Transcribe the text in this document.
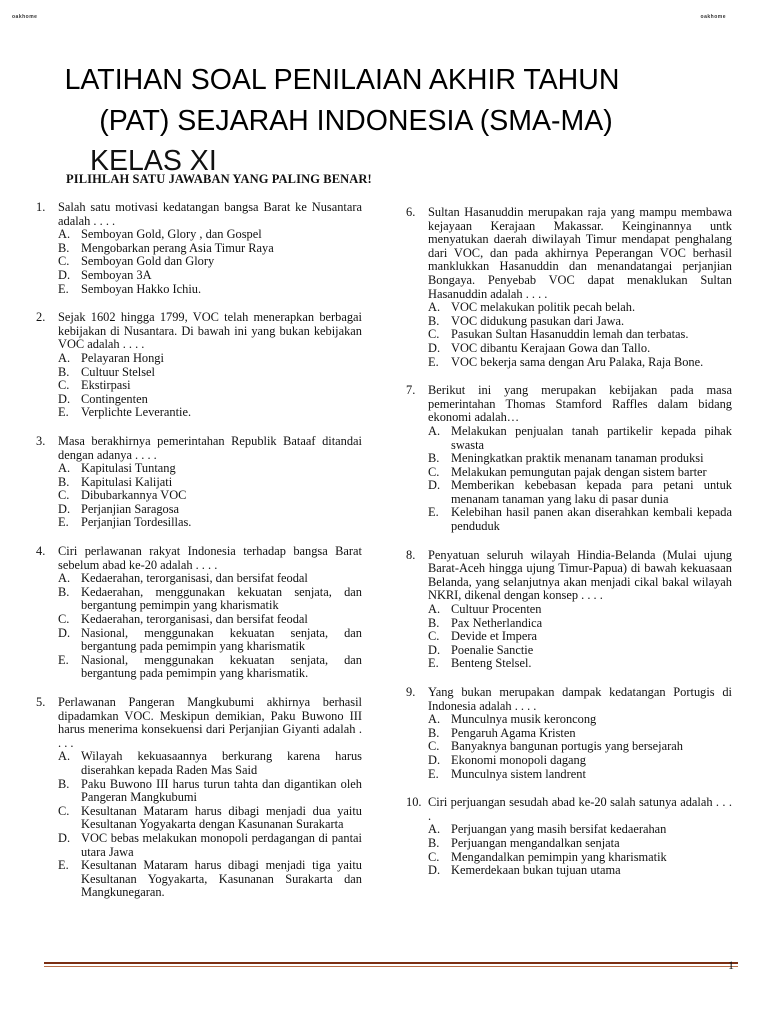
oakhome	oakhome
LATIHAN SOAL PENILAIAN AKHIR TAHUN
(PAT) SEJARAH INDONESIA (SMA-MA)
KELAS XI
PILIHLAH SATU JAWABAN YANG PALING BENAR!
1. Salah satu motivasi kedatangan bangsa Barat ke Nusantara adalah . . . .
A. Semboyan Gold, Glory , dan Gospel
B. Mengobarkan perang Asia Timur Raya
C. Semboyan Gold dan Glory
D. Semboyan 3A
E. Semboyan Hakko Ichiu.
2. Sejak 1602 hingga 1799, VOC telah menerapkan berbagai kebijakan di Nusantara. Di bawah ini yang bukan kebijakan VOC adalah . . . .
A. Pelayaran Hongi
B. Cultuur Stelsel
C. Ekstirpasi
D. Contingenten
E. Verplichte Leverantie.
3. Masa berakhirnya pemerintahan Republik Bataaf ditandai dengan adanya . . . .
A. Kapitulasi Tuntang
B. Kapitulasi Kalijati
C. Dibubarkannya VOC
D. Perjanjian Saragosa
E. Perjanjian Tordesillas.
4. Ciri perlawanan rakyat Indonesia terhadap bangsa Barat sebelum abad ke-20 adalah . . . .
A. Kedaerahan, terorganisasi, dan bersifat feodal
B. Kedaerahan, menggunakan kekuatan senjata, dan bergantung pemimpin yang kharismatik
C. Kedaerahan, terorganisasi, dan bersifat feodal
D. Nasional, menggunakan kekuatan senjata, dan bergantung pada pemimpin yang kharismatik
E. Nasional, menggunakan kekuatan senjata, dan bergantung pada pemimpin yang kharismatik.
5. Perlawanan Pangeran Mangkubumi akhirnya berhasil dipadamkan VOC. Meskipun demikian, Paku Buwono III harus menerima konsekuensi dari Perjanjian Giyanti adalah . . . .
A. Wilayah kekuasaannya berkurang karena harus diserahkan kepada Raden Mas Said
B. Paku Buwono III harus turun tahta dan digantikan oleh Pangeran Mangkubumi
C. Kesultanan Mataram harus dibagi menjadi dua yaitu Kesultanan Yogyakarta dengan Kasunanan Surakarta
D. VOC bebas melakukan monopoli perdagangan di pantai utara Jawa
E. Kesultanan Mataram harus dibagi menjadi tiga yaitu Kesultanan Yogyakarta, Kasunanan Surakarta dan Mangkunegaran.
6. Sultan Hasanuddin merupakan raja yang mampu membawa kejayaan Kerajaan Makassar. Keinginannya untk menyatukan daerah diwilayah Timur mendapat penghalang dari VOC, dan pada akhirnya Peperangan VOC berhasil manklukkan Hasanuddin dan menandatangai perjanjian Bongaya. Penyebab VOC dapat menaklukan Sultan Hasanuddin adalah . . . .
A. VOC melakukan politik pecah belah.
B. VOC didukung pasukan dari Jawa.
C. Pasukan Sultan Hasanuddin lemah dan terbatas.
D. VOC dibantu Kerajaan Gowa dan Tallo.
E. VOC bekerja sama dengan Aru Palaka, Raja Bone.
7. Berikut ini yang merupakan kebijakan pada masa pemerintahan Thomas Stamford Raffles dalam bidang ekonomi adalah…
A. Melakukan penjualan tanah partikelir kepada pihak swasta
B. Meningkatkan praktik menanam tanaman produksi
C. Melakukan pemungutan pajak dengan sistem barter
D. Memberikan kebebasan kepada para petani untuk menanam tanaman yang laku di pasar dunia
E. Kelebihan hasil panen akan diserahkan kembali kepada penduduk
8. Penyatuan seluruh wilayah Hindia-Belanda (Mulai ujung Barat-Aceh hingga ujung Timur-Papua) di bawah kekuasaan Belanda, yang selanjutnya akan menjadi cikal bakal wilayah NKRI, dikenal dengan konsep . . . .
A. Cultuur Procenten
B. Pax Netherlandica
C. Devide et Impera
D. Poenalie Sanctie
E. Benteng Stelsel.
9. Yang bukan merupakan dampak kedatangan Portugis di Indonesia adalah . . . .
A. Munculnya musik keroncong
B. Pengaruh Agama Kristen
C. Banyaknya bangunan portugis yang bersejarah
D. Ekonomi monopoli dagang
E. Munculnya sistem landrent
10. Ciri perjuangan sesudah abad ke-20 salah satunya adalah . . . .
A. Perjuangan yang masih bersifat kedaerahan
B. Perjuangan mengandalkan senjata
C. Mengandalkan pemimpin yang kharismatik
D. Kemerdekaan bukan tujuan utama
1
